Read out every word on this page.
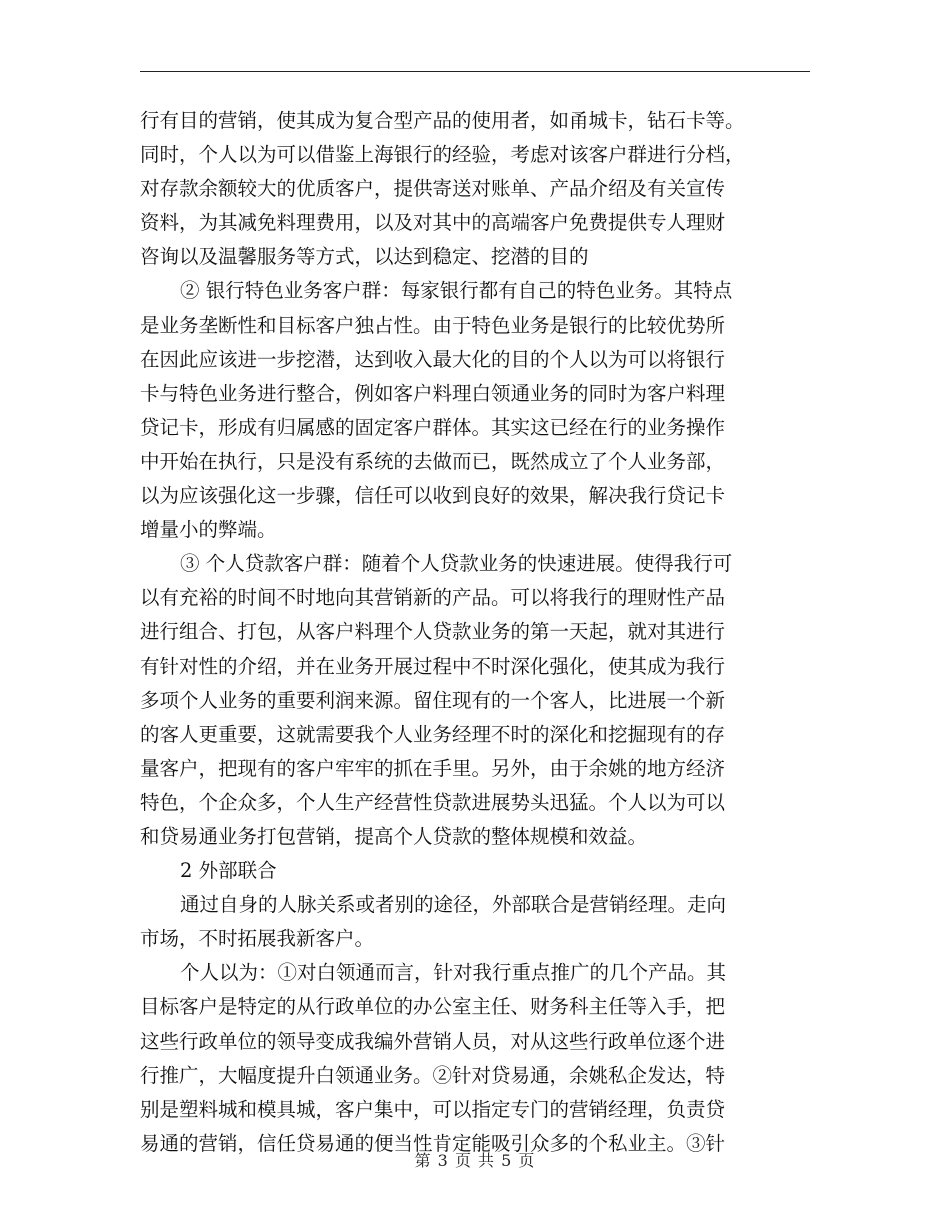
行有目的营销，使其成为复合型产品的使用者，如甬城卡，钻石卡等。
同时，个人以为可以借鉴上海银行的经验，考虑对该客户群进行分档，
对存款余额较大的优质客户，提供寄送对账单、产品介绍及有关宣传
资料，为其减免料理费用，以及对其中的高端客户免费提供专人理财
咨询以及温馨服务等方式，以达到稳定、挖潜的目的
② 银行特色业务客户群：每家银行都有自己的特色业务。其特点
是业务垄断性和目标客户独占性。由于特色业务是银行的比较优势所
在因此应该进一步挖潜，达到收入最大化的目的个人以为可以将银行
卡与特色业务进行整合，例如客户料理白领通业务的同时为客户料理
贷记卡，形成有归属感的固定客户群体。其实这已经在行的业务操作
中开始在执行，只是没有系统的去做而已，既然成立了个人业务部，
以为应该强化这一步骤，信任可以收到良好的效果，解决我行贷记卡
增量小的弊端。
③ 个人贷款客户群：随着个人贷款业务的快速进展。使得我行可
以有充裕的时间不时地向其营销新的产品。可以将我行的理财性产品
进行组合、打包，从客户料理个人贷款业务的第一天起，就对其进行
有针对性的介绍，并在业务开展过程中不时深化强化，使其成为我行
多项个人业务的重要利润来源。留住现有的一个客人，比进展一个新
的客人更重要，这就需要我个人业务经理不时的深化和挖掘现有的存
量客户，把现有的客户牢牢的抓在手里。另外，由于余姚的地方经济
特色，个企众多，个人生产经营性贷款进展势头迅猛。个人以为可以
和贷易通业务打包营销，提高个人贷款的整体规模和效益。
2 外部联合
通过自身的人脉关系或者别的途径，外部联合是营销经理。走向
市场，不时拓展我新客户。
个人以为：①对白领通而言，针对我行重点推广的几个产品。其
目标客户是特定的从行政单位的办公室主任、财务科主任等入手，把
这些行政单位的领导变成我编外营销人员，对从这些行政单位逐个进
行推广，大幅度提升白领通业务。②针对贷易通，余姚私企发达，特
别是塑料城和模具城，客户集中，可以指定专门的营销经理，负责贷
易通的营销，信任贷易通的便当性肯定能吸引众多的个私业主。③针
第 3 页 共 5 页
